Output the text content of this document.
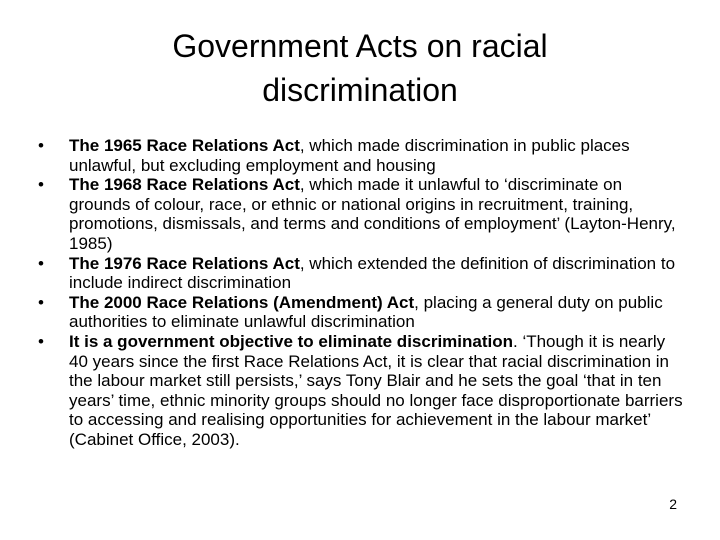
Government Acts on racial
discrimination
• The 1965 Race Relations Act, which made discrimination in public places unlawful, but excluding employment and housing
• The 1968 Race Relations Act, which made it unlawful to ‘discriminate on grounds of colour, race, or ethnic or national origins in recruitment, training, promotions, dismissals, and terms and conditions of employment’ (Layton-Henry, 1985)
• The 1976 Race Relations Act, which extended the definition of discrimination to include indirect discrimination
• The 2000 Race Relations (Amendment) Act, placing a general duty on public authorities to eliminate unlawful discrimination
• It is a government objective to eliminate discrimination. ‘Though it is nearly 40 years since the first Race Relations Act, it is clear that racial discrimination in the labour market still persists,’ says Tony Blair and he sets the goal ‘that in ten years’ time, ethnic minority groups should no longer face disproportionate barriers to accessing and realising opportunities for achievement in the labour market’ (Cabinet Office, 2003).
2
